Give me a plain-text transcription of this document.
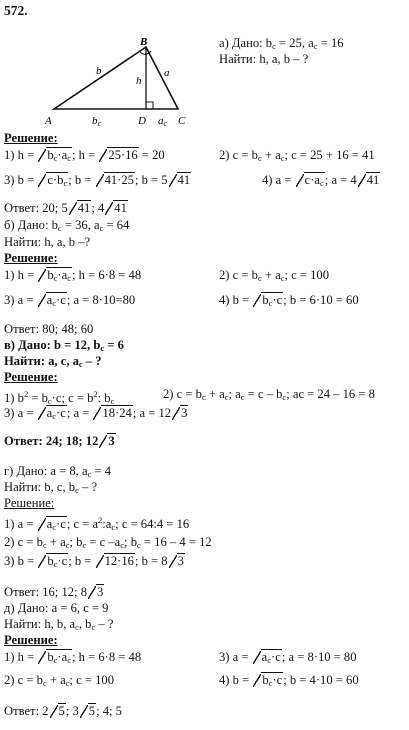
572.
B
A	D	C
b	a
h
bc	ac
а) Дано: $b_c = 25$, $a_c = 16$
Найти: h, a, b – ?
Решение:
1) $h = b_c\cdot a_c$; h = 25·16 = 20	2) $c = b_c + a_c$; c = 25 + 16 = 41
3) $b = c\cdot b_c$; b = 41·25; b = 5 41	4) $a = c\cdot a_c$; a = 4 41
Ответ: 20; 5 41; 4 41
б) Дано: $b_c = 36$, $a_c = 64$
Найти: h, a, b –?
Решение:
1) $h = b_c\cdot a_c$; h = 6·8 = 48	2) $c = b_c + a_c$; c = 100
3) $a = a_c\cdot c$; a = 8·10=80	4) $b = b_c\cdot c$; b = 6·10 = 60
Ответ: 80; 48; 60
в) Дано: b = 12, $b_c = 6$
Найти: a, c, $a_c$ – ?
Решение:
1) $b^2 = b_c\cdot c$; $c = b^2$: $b_c$	2) $c = b_c + a_c$; $a_c = c - b_c$; ac = 24 – 16 = 8
3) $a = a_c\cdot c$; a = 18·24; a = 12 3
Ответ: 24; 18; 12 3
г) Дано: a = 8, $a_c = 4$
Найти: b, c, $b_c$ – ?
Решение:
1) $a = a_c\cdot c$; $c = a^2:a_c$; c = 64:4 = 16
2) $c = b_c + a_c$; $b_c = c$ $-a_c$; $b_c = 16 - 4 = 12$
3) $b = b_c\cdot c$; b = 12·16; b = 8 3
Ответ: 16; 12; 8 3
д) Дано: a = 6, c = 9
Найти: h, b, $a_c$, $b_c$ – ?
Решение:
1) $h = b_c\cdot a_c$; h = 6·8 = 48	3) $a = a_c\cdot c$; a = 8·10 = 80
2) $c = b_c + a_c$; c = 100	4) $b = b_c\cdot c$; b = 4·10 = 60
Ответ: 2 5; 3 5; 4; 5
